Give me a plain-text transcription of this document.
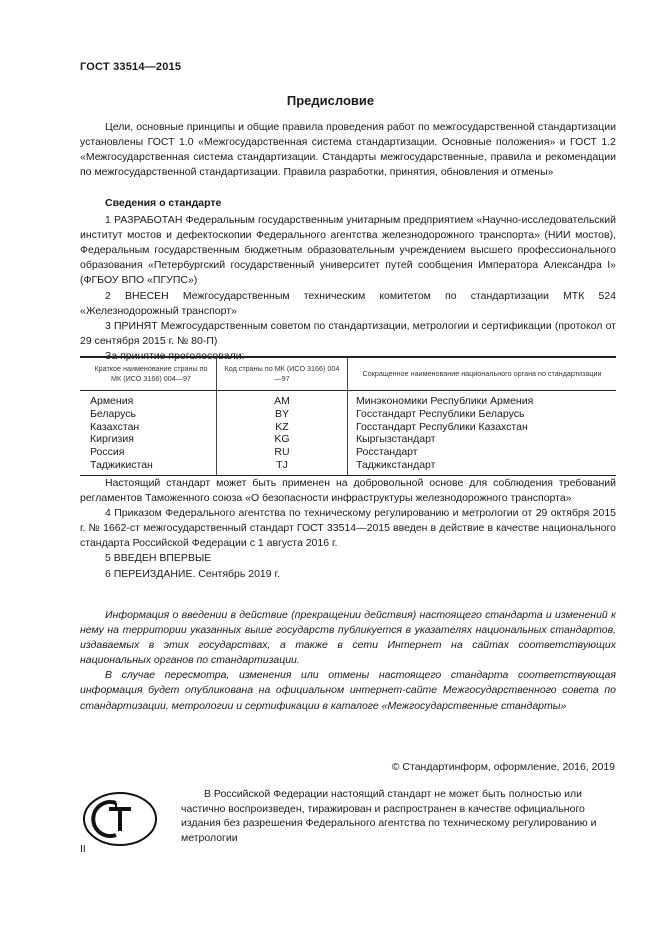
ГОСТ 33514—2015
Предисловие

Цели, основные принципы и общие правила проведения работ по межгосударственной стандартизации установлены ГОСТ 1.0 «Межгосударственная система стандартизации. Основные положения» и ГОСТ 1.2 «Межгосударственная система стандартизации. Стандарты межгосударственные, правила и рекомендации по межгосударственной стандартизации. Правила разработки, принятия, обновления и отмены»

Сведения о стандарте

1 РАЗРАБОТАН Федеральным государственным унитарным предприятием «Научно-исследовательский институт мостов и дефектоскопии Федерального агентства железнодорожного транспорта» (НИИ мостов), Федеральным государственным бюджетным образовательным учреждением высшего профессионального образования «Петербургский государственный университет путей сообщения Императора Александра I» (ФГБОУ ВПО «ПГУПС»)

2 ВНЕСЕН Межгосударственным техническим комитетом по стандартизации МТК 524 «Железнодорожный транспорт»

3 ПРИНЯТ Межгосударственным советом по стандартизации, метрологии и сертификации (протокол от 29 сентября 2015 г. № 80-П)

За принятие проголосовали:

Краткое наименование страны по МК (ИСО 3166) 004—97	Код страны по МК (ИСО 3166) 004—97	Сокращенное наименование национального органа по стандартизации
Армения	AM	Минэкономики Республики Армения
Беларусь	BY	Госстандарт Республики Беларусь
Казахстан	KZ	Госстандарт Республики Казахстан
Киргизия	KG	Кыргызстандарт
Россия	RU	Росстандарт
Таджикистан	TJ	Таджикстандарт

Настоящий стандарт может быть применен на добровольной основе для соблюдения требований регламентов Таможенного союза «О безопасности инфраструктуры железнодорожного транспорта»

4 Приказом Федерального агентства по техническому регулированию и метрологии от 29 октября 2015 г. № 1662-ст межгосударственный стандарт ГОСТ 33514—2015 введен в действие в качестве национального стандарта Российской Федерации с 1 августа 2016 г.

5 ВВЕДЕН ВПЕРВЫЕ

6 ПЕРЕИЗДАНИЕ. Сентябрь 2019 г.

Информация о введении в действие (прекращении действия) настоящего стандарта и изменений к нему на территории указанных выше государств публикуется в указателях национальных стандартов, издаваемых в этих государствах, а также в сети Интернет на сайтах соответствующих национальных органов по стандартизации.

В случае пересмотра, изменения или отмены настоящего стандарта соответствующая информация будет опубликована на официальном интернет-сайте Межгосударственного совета по стандартизации, метрологии и сертификации в каталоге «Межгосударственные стандарты»

© Стандартинформ, оформление, 2016, 2019

В Российской Федерации настоящий стандарт не может быть полностью или частично воспроизведен, тиражирован и распространен в качестве официального издания без разрешения Федерального агентства по техническому регулированию и метрологии

II
